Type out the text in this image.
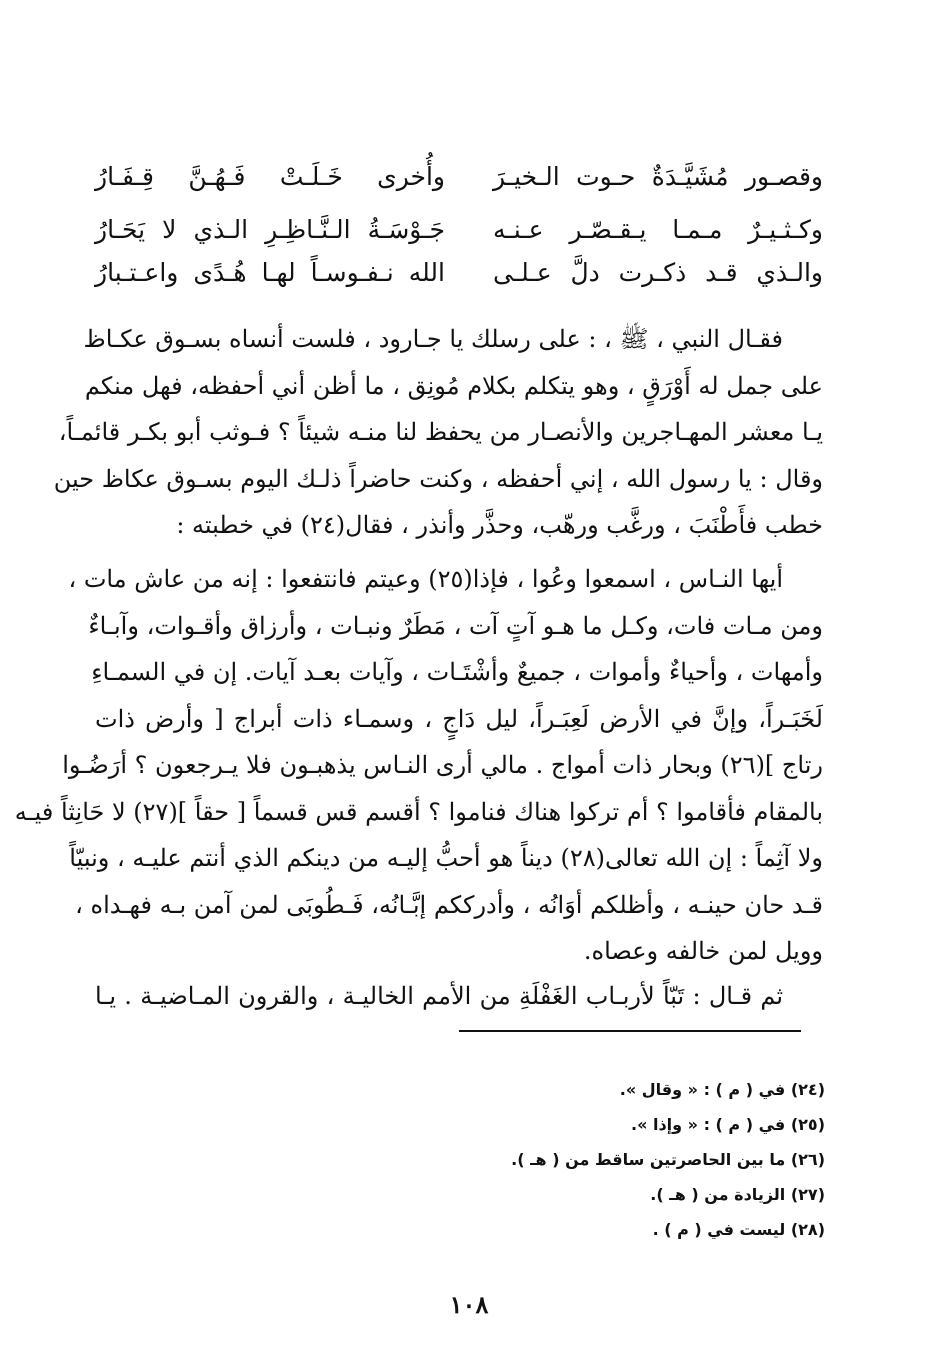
وقصـور مُشَيَّـدَةٌ حـوت الـخيـرَ
وأُخرى خَـلَـتْ فَـهُـنَّ قِـفَـارُ
وكـثـيـرٌ مـمـا يـقـصّـر عـنـه
جَـوْسَـةُ الـنَّـاظِـرِ الـذي لا يَحَـارُ
والـذي قـد ذكـرت دلَّ عـلـى
الله نـفـوسـاً لهـا هُـدًى واعـتـبارُ
فقـال النبي ، ﷺ ، : على رسلك يا جـارود ، فلست أنساه بسـوق عكـاظ
على جمل له أَوْرَقٍ ، وهو يتكلم بكلام مُونِق ، ما أظن أني أحفظه، فهل منكم
يـا معشر المهـاجرين والأنصـار من يحفظ لنا منـه شيئاً ؟ فـوثب أبو بكـر قائمـاً،
وقال : يا رسول الله ، إني أحفظه ، وكنت حاضراً ذلـك اليوم بسـوق عكاظ حين
خطب فأَطْنَبَ ، ورغَّب ورهّب، وحذَّر وأنذر ، فقال(٢٤) في خطبته :
أيها النـاس ، اسمعوا وعُوا ، فإذا(٢٥) وعيتم فانتفعوا : إنه من عاش مات ،
ومن مـات فات، وكـل ما هـو آتٍ آت ، مَطَرٌ ونبـات ، وأرزاق وأقـوات، وآبـاءٌ
وأمهات ، وأحياءٌ وأموات ، جميعٌ وأشْتَـات ، وآيات بعـد آيات. إن في السمـاءِ
لَخَبَـراً، وإنَّ في الأرض لَعِبَـراً، ليل دَاجٍ ، وسمـاء ذات أبراج [ وأرض ذات
رتاج ](٢٦) وبحار ذات أمواج . مالي أرى النـاس يذهبـون فلا يـرجعون ؟ أرَضُـوا
بالمقام فأقاموا ؟ أم تركوا هناك فناموا ؟ أقسم قس قسماً [ حقاً ](٢٧) لا حَانِثاً فيـه
ولا آثِماً : إن الله تعالى(٢٨) ديناً هو أحبُّ إليـه من دينكم الذي أنتم عليـه ، ونبيّاً
قـد حان حينـه ، وأظلكم أوَانُه ، وأدرككم إبَّـانُه، فَـطُوبَى لمن آمن بـه فهـداه ،
وويل لمن خالفه وعصاه.
ثم قـال : تَبّاً لأربـاب الغَفْلَةِ من الأمم الخاليـة ، والقرون المـاضيـة . يـا
(٢٤) في ( م ) : « وقال ».
(٢٥) في ( م ) : « وإذا ».
(٢٦) ما بين الحاصرتين ساقط من ( هـ ).
(٢٧) الزيادة من ( هـ ).
(٢٨) ليست في ( م ) .
١٠٨
